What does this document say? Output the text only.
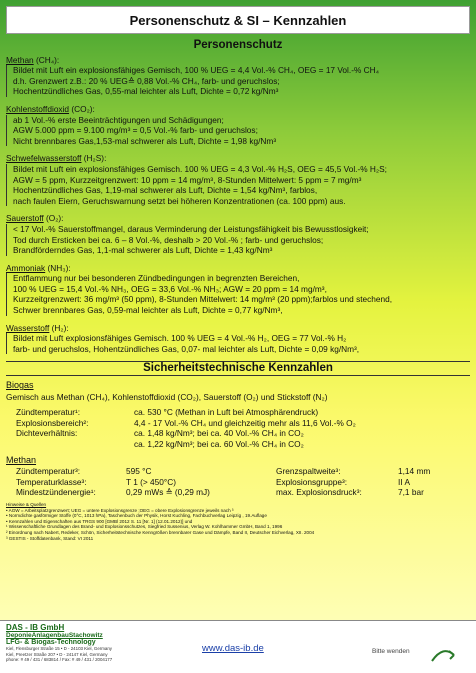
Personenschutz & SI – Kennzahlen
Personenschutz
Methan (CH₄):
Bildet mit Luft ein explosionsfähiges Gemisch, 100 % UEG = 4,4 Vol.-% CH₄, OEG = 17 Vol.-% CH₄
d.h. Grenzwert z.B.: 20 % UEG≙ 0,88 Vol.-% CH₄, farb- und geruchslos;
Hochentzündliches Gas, 0,55-mal leichter als Luft, Dichte = 0,72 kg/Nm³
Kohlenstoffdioxid (CO₂):
ab 1 Vol.-% erste Beeinträchtigungen und Schädigungen;
AGW 5.000 ppm = 9.100 mg/m³ = 0,5 Vol.-% farb- und geruchslos;
Nicht brennbares Gas,1,53-mal schwerer als Luft, Dichte = 1,98 kg/Nm³
Schwefelwasserstoff (H₂S):
Bildet mit Luft ein explosionsfähiges Gemisch. 100 % UEG = 4,3 Vol.-% H₂S, OEG = 45,5 Vol.-% H₂S;
AGW = 5 ppm, Kurzzeitgrenzwert: 10 ppm = 14 mg/m³, 8-Stunden Mittelwert: 5 ppm = 7 mg/m³
Hochentzündliches Gas, 1,19-mal schwerer als Luft, Dichte = 1,54 kg/Nm³, farblos,
nach faulen Eiern, Geruchswarnung setzt bei höheren Konzentrationen (ca. 100 ppm) aus.
Sauerstoff (O₂):
< 17 Vol.-% Sauerstoffmangel, daraus Verminderung der Leistungsfähigkeit bis Bewusstlosigkeit;
Tod durch Ersticken bei ca. 6 – 8 Vol.-%, deshalb > 20 Vol.-% ; farb- und geruchslos;
Brandförderndes Gas, 1,1-mal schwerer als Luft, Dichte = 1,43 kg/Nm³
Ammoniak (NH₃):
Entflammung nur bei besonderen Zündbedingungen in begrenzten Bereichen,
100 % UEG = 15,4 Vol.-% NH₃, OEG = 33,6 Vol.-% NH₃; AGW = 20 ppm = 14 mg/m³,
Kurzzeitgrenzwert: 36 mg/m³ (50 ppm), 8-Stunden Mittelwert: 14 mg/m³ (20 ppm);farblos und stechend,
Schwer brennbares Gas, 0,59-mal leichter als Luft, Dichte = 0,77 kg/Nm³,
Wasserstoff (H₂):
Bildet mit Luft explosionsfähiges Gemisch. 100 % UEG = 4 Vol.-% H₂, OEG = 77 Vol.-% H₂
farb- und geruchslos, Hohentzündliches Gas, 0,07- mal leichter als Luft, Dichte = 0,09 kg/Nm³,
Sicherheitstechnische Kennzahlen
Biogas
Gemisch aus Methan (CH₄), Kohlenstoffdioxid (CO₂), Sauerstoff (O₂) und Stickstoff (N₂)
Zündtemperatur¹:	ca. 530 °C (Methan in Luft bei Atmosphärendruck)
Explosionsbereich²:	4,4 - 17 Vol.-% CH₄ und gleichzeitig mehr als 11,6 Vol.-% O₂
Dichteverhältnis:	ca. 1,48 kg/Nm³; bei ca. 40 Vol.-% CH₄ in CO₂
ca. 1,22 kg/Nm³; bei ca. 60 Vol.-% CH₄ in CO₂
Methan
Zündtemperatur³:	595 °C	Grenzspaltweite³:	1,14 mm
Temperaturklasse³:	T 1 (> 450°C)	Explosionsgruppe³:	II A
Mindestzündenergie¹:	0,29 mWs ≙ (0,29 mJ)	max. Explosionsdruck³:	7,1 bar
Hinweise & Quellen
• AGW = Arbeitsplatzgrenzwert; UEG = untere Explosionsgrenze ;OEG = obere Explosionsgrenze jeweils nach ³
• Normdichte gasförmiger Stoffe (0°C, 1013 hPa), Taschenbuch der Physik, Horst Kuchling, Fachbuchverlag Leipzig , 19.Auflage
• Kennzahlen und Eigenschaften aus TRGS 900 [GMBl 2012 S. 11 [Nr. 1] (12.01.2012)] und
¹ Wissenschaftliche Grundlagen des Brand- und Explosionsschutzes, Siegfried Sussenius, Verlag W. Kohlhammer GmbH, Band 1, 1996
² Einordnung nach Nabert, Redeker, Schön, Sicherheitstechnische Kenngrößen brennbarer Gase und Dämpfe, Band II, Deutscher Eichverlag, XII. 2004
³ GESTIS - Stoffdatenbank, Stand: VI 2011
DAS - IB GmbH
DeponieAnlagenbauStachowitz
LFG- & Biogas-Technology
Kiel, Flensburger Straße 15 • D - 24103 Kiel, Germany
Kiel, Preetzer Straße 207 • D - 24147 Kiel, Germany
phone: # 49 / 431 / 683814 / Fax: # 49 / 431 / 2004177
www.das-ib.de	Bitte wenden
